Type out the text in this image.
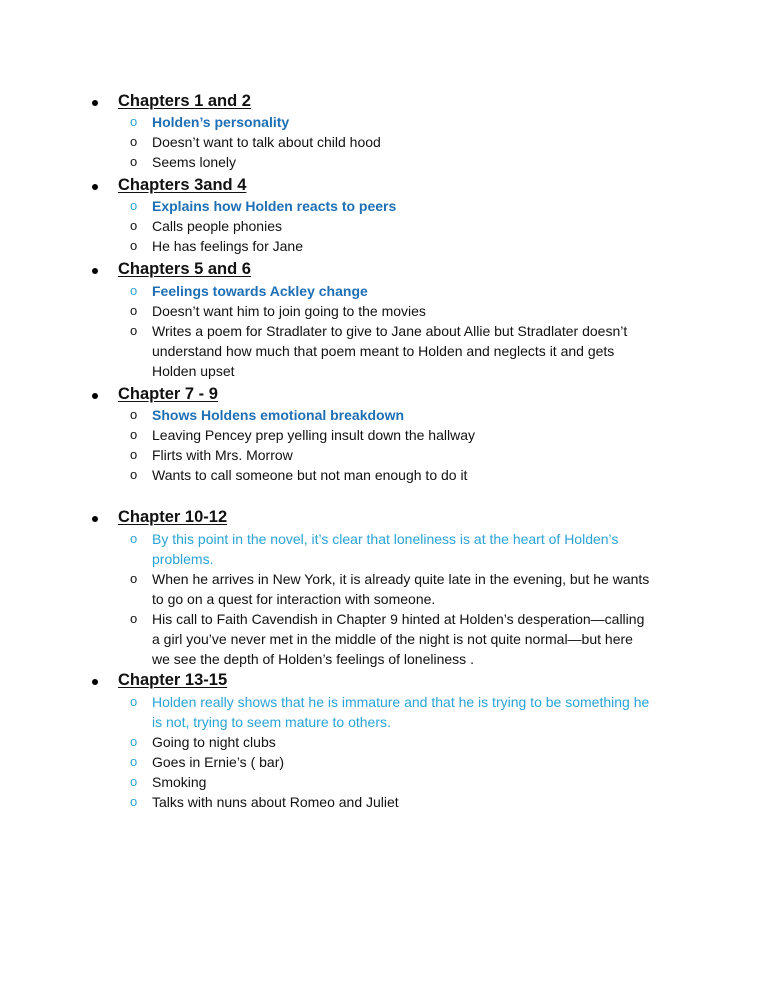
Chapters 1 and 2
o Holden’s personality
o Doesn’t want to talk about child hood
o Seems lonely
Chapters 3and 4
o Explains how Holden reacts to peers
o Calls people phonies
o He has feelings for Jane
Chapters 5 and 6
o Feelings towards Ackley change
o Doesn’t want him to join going to the movies
o Writes a poem for Stradlater to give to Jane about Allie but Stradlater doesn’t understand how much that poem meant to Holden and neglects it and gets Holden upset
Chapter 7 - 9
o Shows Holdens emotional breakdown
o Leaving Pencey prep yelling insult down the hallway
o Flirts with Mrs. Morrow
o Wants to call someone but not man enough to do it
Chapter 10-12
o By this point in the novel, it’s clear that loneliness is at the heart of Holden’s problems.
o When he arrives in New York, it is already quite late in the evening, but he wants to go on a quest for interaction with someone.
o His call to Faith Cavendish in Chapter 9 hinted at Holden’s desperation—calling a girl you’ve never met in the middle of the night is not quite normal—but here we see the depth of Holden’s feelings of loneliness .
Chapter 13-15
o Holden really shows that he is immature and that he is trying to be something he is not, trying to seem mature to others.
o Going to night clubs
o Goes in Ernie’s ( bar)
o Smoking
o Talks with nuns about Romeo and Juliet
